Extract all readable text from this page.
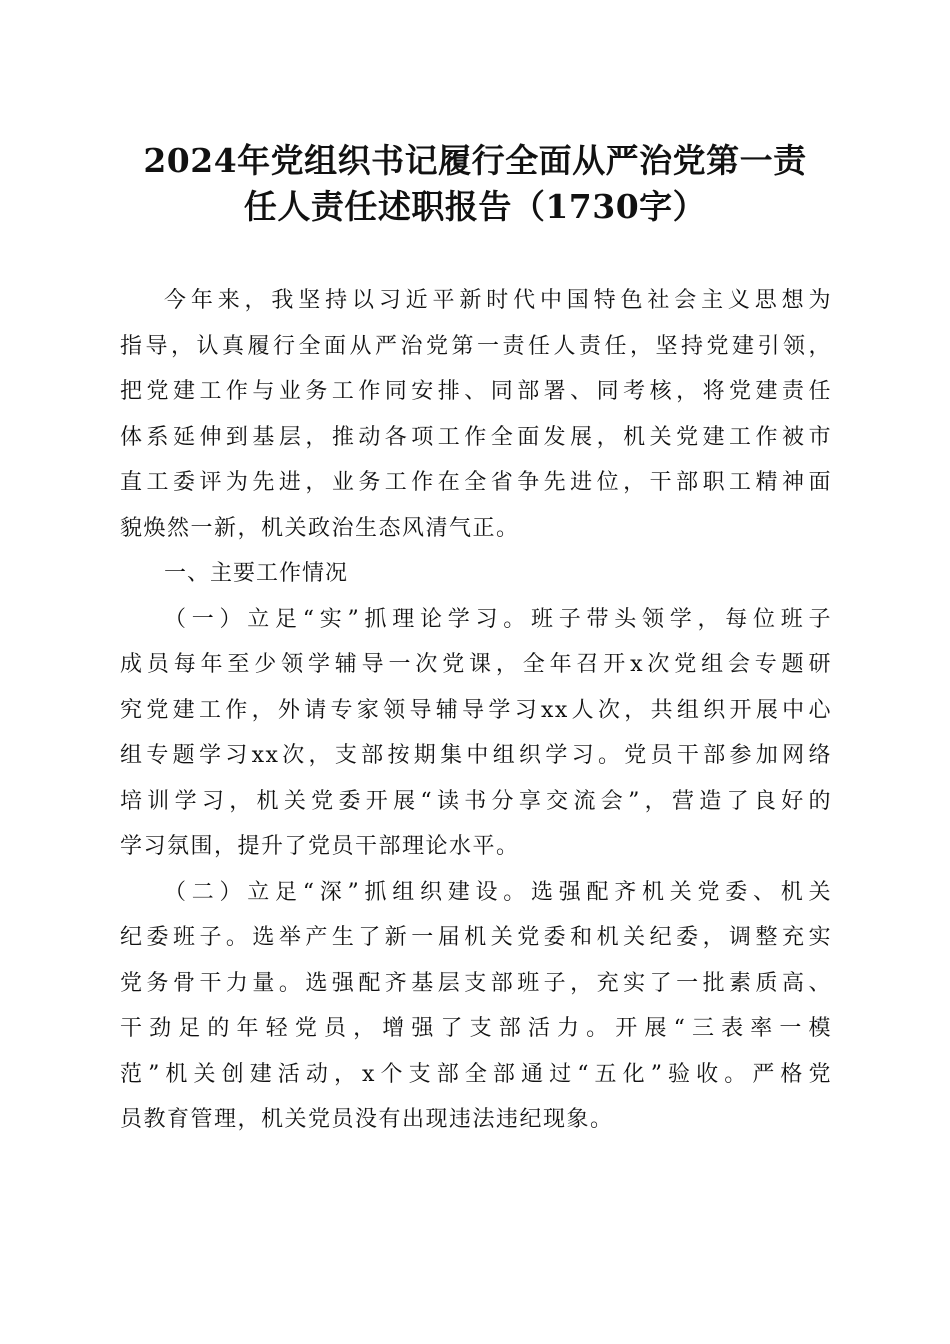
2024年党组织书记履行全面从严治党第一责
任人责任述职报告（1730字）
今年来，我坚持以习近平新时代中国特色社会主义思想为
指导，认真履行全面从严治党第一责任人责任，坚持党建引领，
把党建工作与业务工作同安排、同部署、同考核，将党建责任
体系延伸到基层，推动各项工作全面发展，机关党建工作被市
直工委评为先进，业务工作在全省争先进位，干部职工精神面
貌焕然一新，机关政治生态风清气正。
一、主要工作情况
（一）立足“实”抓理论学习。班子带头领学，每位班子
成员每年至少领学辅导一次党课，全年召开x次党组会专题研
究党建工作，外请专家领导辅导学习xx人次，共组织开展中心
组专题学习xx次，支部按期集中组织学习。党员干部参加网络
培训学习，机关党委开展“读书分享交流会”，营造了良好的
学习氛围，提升了党员干部理论水平。
（二）立足“深”抓组织建设。选强配齐机关党委、机关
纪委班子。选举产生了新一届机关党委和机关纪委，调整充实
党务骨干力量。选强配齐基层支部班子，充实了一批素质高、
干劲足的年轻党员，增强了支部活力。开展“三表率一模
范”机关创建活动，x个支部全部通过“五化”验收。严格党
员教育管理，机关党员没有出现违法违纪现象。
